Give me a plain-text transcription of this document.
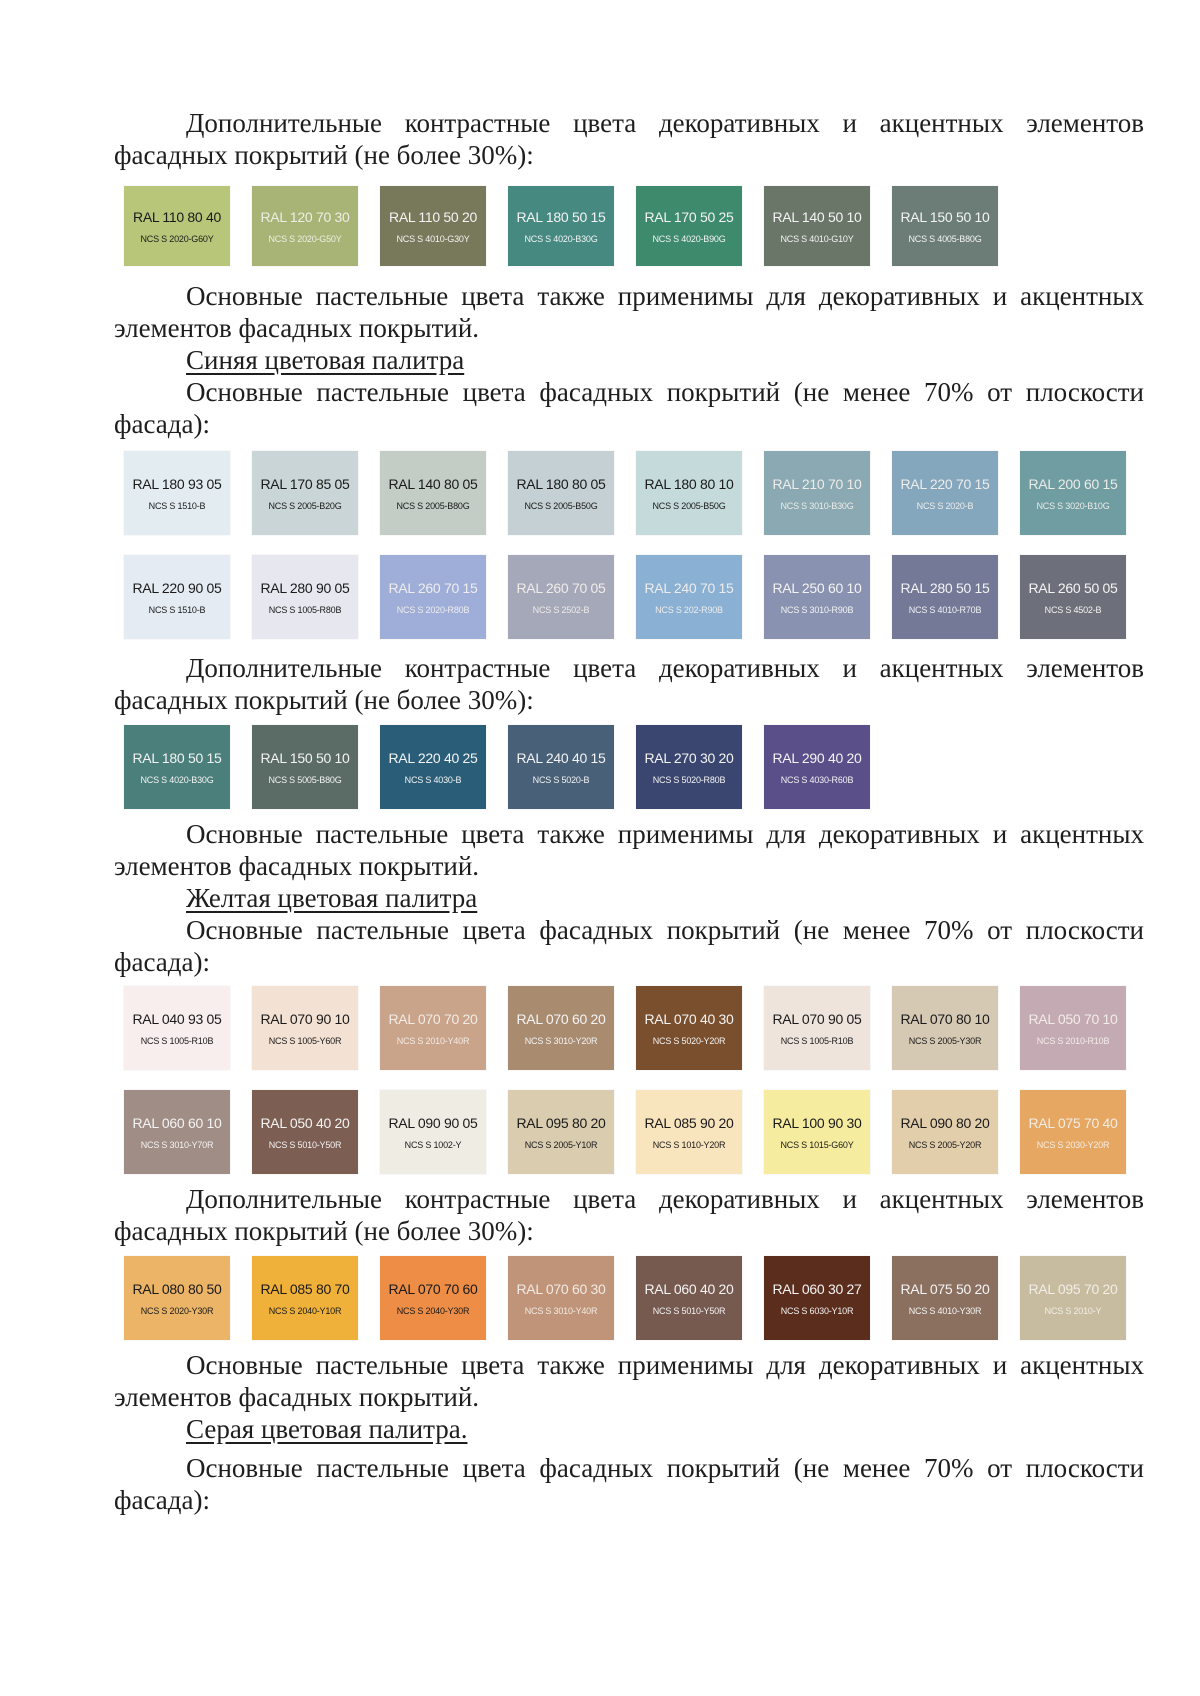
Дополнительные контрастные цвета декоративных и акцентных элементов фасадных покрытий (не более 30%):

RAL 110 80 40
NCS S 2020-G60Y
RAL 120 70 30
NCS S 2020-G50Y
RAL 110 50 20
NCS S 4010-G30Y
RAL 180 50 15
NCS S 4020-B30G
RAL 170 50 25
NCS S 4020-B90G
RAL 140 50 10
NCS S 4010-G10Y
RAL 150 50 10
NCS S 4005-B80G

Основные пастельные цвета также применимы для декоративных и акцентных элементов фасадных покрытий.

Синяя цветовая палитра

Основные пастельные цвета фасадных покрытий (не менее 70% от плоскости фасада):

RAL 180 93 05
NCS S 1510-B
RAL 170 85 05
NCS S 2005-B20G
RAL 140 80 05
NCS S 2005-B80G
RAL 180 80 05
NCS S 2005-B50G
RAL 180 80 10
NCS S 2005-B50G
RAL 210 70 10
NCS S 3010-B30G
RAL 220 70 15
NCS S 2020-B
RAL 200 60 15
NCS S 3020-B10G
RAL 220 90 05
NCS S 1510-B
RAL 280 90 05
NCS S 1005-R80B
RAL 260 70 15
NCS S 2020-R80B
RAL 260 70 05
NCS S 2502-B
RAL 240 70 15
NCS S 202-R90B
RAL 250 60 10
NCS S 3010-R90B
RAL 280 50 15
NCS S 4010-R70B
RAL 260 50 05
NCS S 4502-B

Дополнительные контрастные цвета декоративных и акцентных элементов фасадных покрытий (не более 30%):

RAL 180 50 15
NCS S 4020-B30G
RAL 150 50 10
NCS S 5005-B80G
RAL 220 40 25
NCS S 4030-B
RAL 240 40 15
NCS S 5020-B
RAL 270 30 20
NCS S 5020-R80B
RAL 290 40 20
NCS S 4030-R60B

Основные пастельные цвета также применимы для декоративных и акцентных элементов фасадных покрытий.

Желтая цветовая палитра

Основные пастельные цвета фасадных покрытий (не менее 70% от плоскости фасада):

RAL 040 93 05
NCS S 1005-R10B
RAL 070 90 10
NCS S 1005-Y60R
RAL 070 70 20
NCS S 2010-Y40R
RAL 070 60 20
NCS S 3010-Y20R
RAL 070 40 30
NCS S 5020-Y20R
RAL 070 90 05
NCS S 1005-R10B
RAL 070 80 10
NCS S 2005-Y30R
RAL 050 70 10
NCS S 2010-R10B
RAL 060 60 10
NCS S 3010-Y70R
RAL 050 40 20
NCS S 5010-Y50R
RAL 090 90 05
NCS S 1002-Y
RAL 095 80 20
NCS S 2005-Y10R
RAL 085 90 20
NCS S 1010-Y20R
RAL 100 90 30
NCS S 1015-G60Y
RAL 090 80 20
NCS S 2005-Y20R
RAL 075 70 40
NCS S 2030-Y20R

Дополнительные контрастные цвета декоративных и акцентных элементов фасадных покрытий (не более 30%):

RAL 080 80 50
NCS S 2020-Y30R
RAL 085 80 70
NCS S 2040-Y10R
RAL 070 70 60
NCS S 2040-Y30R
RAL 070 60 30
NCS S 3010-Y40R
RAL 060 40 20
NCS S 5010-Y50R
RAL 060 30 27
NCS S 6030-Y10R
RAL 075 50 20
NCS S 4010-Y30R
RAL 095 70 20
NCS S 2010-Y

Основные пастельные цвета также применимы для декоративных и акцентных элементов фасадных покрытий.

Серая цветовая палитра.

Основные пастельные цвета фасадных покрытий (не менее 70% от плоскости фасада):
